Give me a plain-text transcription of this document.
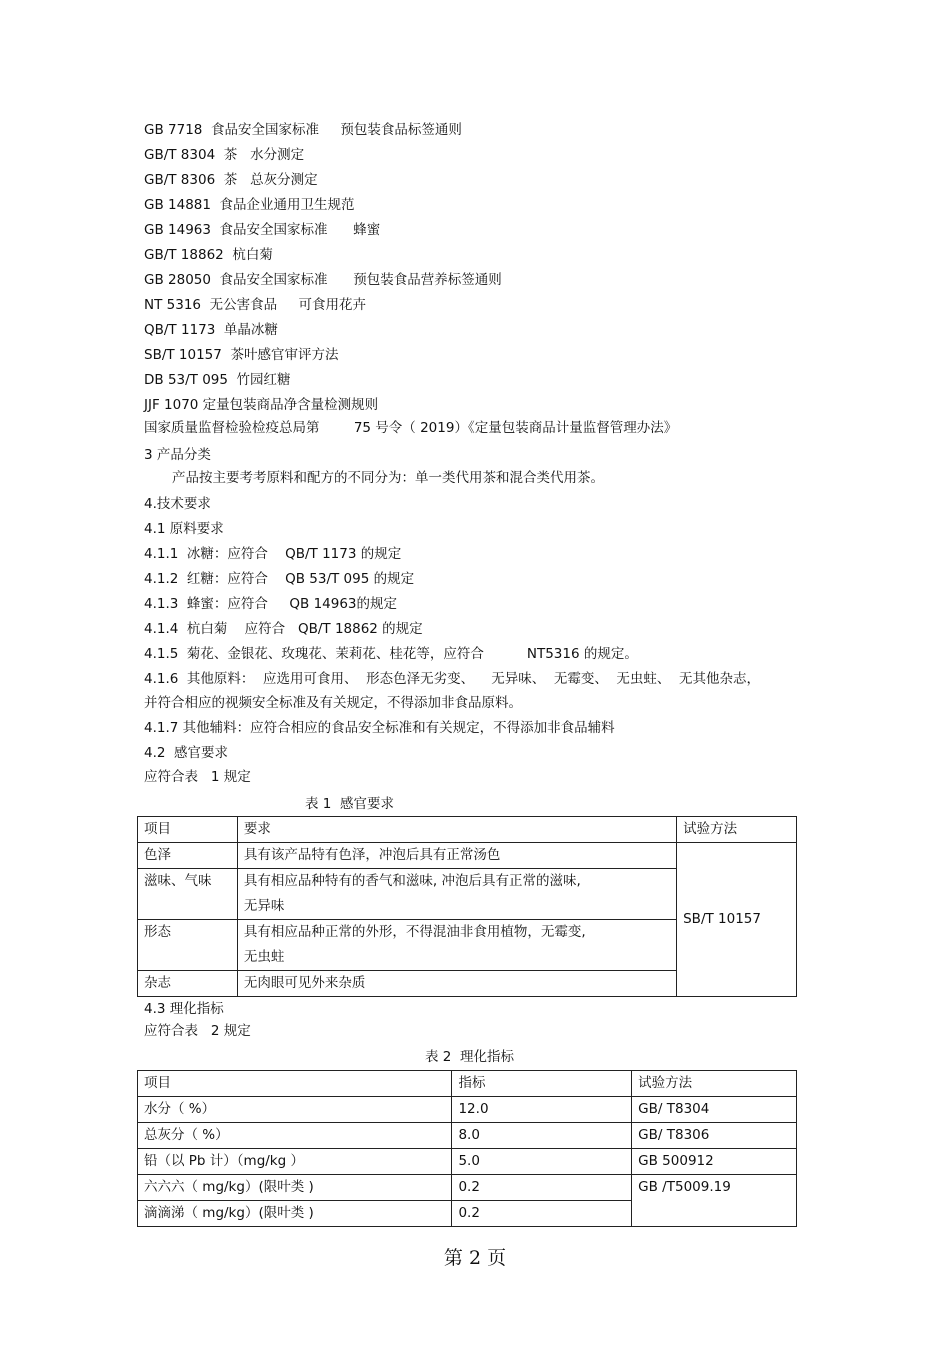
GB 7718  食品安全国家标准     预包装食品标签通则
GB/T 8304  茶   水分测定
GB/T 8306  茶   总灰分测定
GB 14881  食品企业通用卫生规范
GB 14963  食品安全国家标准      蜂蜜
GB/T 18862  杭白菊
GB 28050  食品安全国家标准      预包装食品营养标签通则
NT 5316  无公害食品     可食用花卉
QB/T 1173  单晶冰糖
SB/T 10157  茶叶感官审评方法
DB 53/T 095  竹园红糖
JJF 1070 定量包装商品净含量检测规则
国家质量监督检验检疫总局第        75 号令（ 2019）《定量包装商品计量监督管理办法》
3 产品分类
产品按主要考考原料和配方的不同分为：单一类代用茶和混合类代用茶。
4.技术要求
4.1 原料要求
4.1.1  冰糖：应符合    QB/T 1173 的规定
4.1.2  红糖：应符合    QB 53/T 095 的规定
4.1.3  蜂蜜：应符合     QB 14963的规定
4.1.4  杭白菊    应符合   QB/T 18862 的规定
4.1.5  菊花、金银花、玫瑰花、茉莉花、桂花等，应符合          NT5316 的规定。
4.1.6  其他原料：  应选用可食用、  形态色泽无劣变、    无异味、  无霉变、  无虫蛀、  无其他杂志，
并符合相应的视频安全标准及有关规定，不得添加非食品原料。
4.1.7 其他辅料：应符合相应的食品安全标准和有关规定，不得添加非食品辅料
4.2  感官要求
应符合表   1 规定
表 1  感官要求
项目	要求	试验方法
色泽	具有该产品特有色泽，冲泡后具有正常汤色	SB/T 10157
滋味、气味	具有相应品种特有的香气和滋味, 冲泡后具有正常的滋味,
无异味	

形态	具有相应品种正常的外形，不得混油非食用植物，无霉变,
无虫蛀	

杂志	无肉眼可见外来杂质	
4.3 理化指标
应符合表   2 规定
表 2  理化指标
项目	指标	试验方法
水分（ %）	12.0	GB/ T8304
总灰分（ %）	8.0	GB/ T8306
铅（以 Pb 计）（mg/kg ）	5.0	GB 500912
六六六（ mg/kg）(限叶类 )	0.2	GB /T5009.19
滴滴涕（ mg/kg）(限叶类 )	0.2	
第 2 页
